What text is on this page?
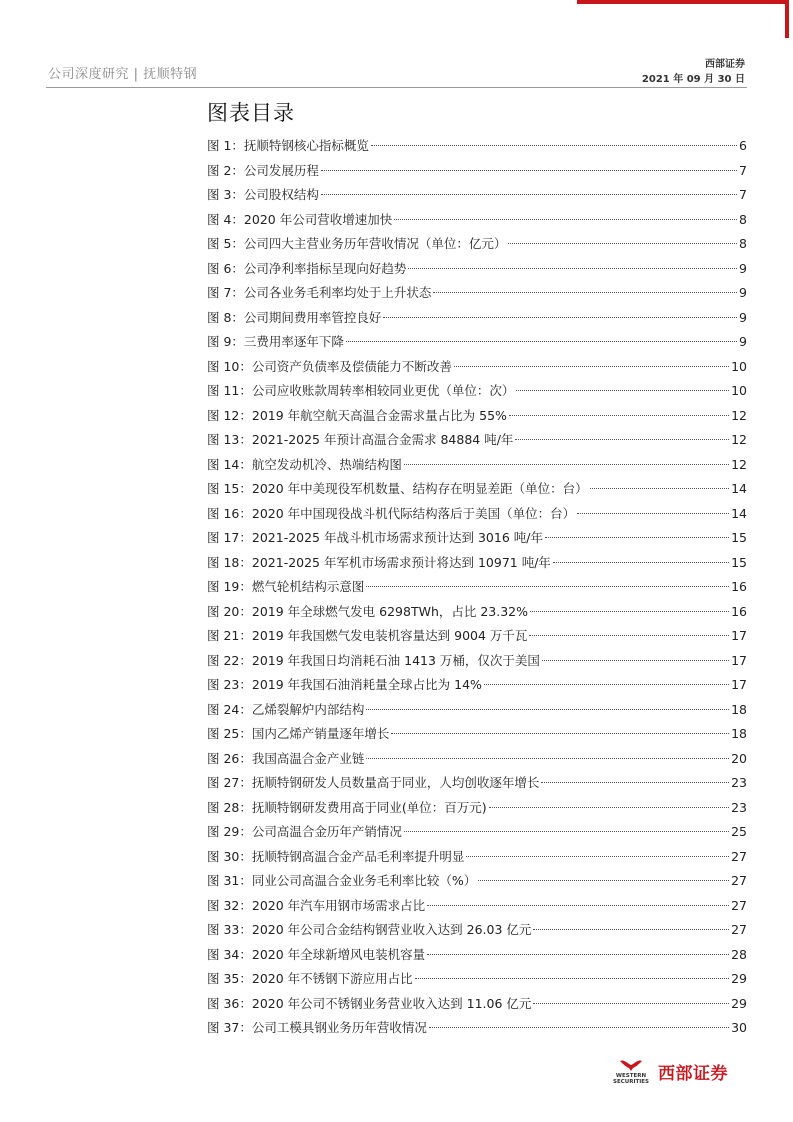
公司深度研究 | 抚顺特钢
西部证券
2021 年 09 月 30 日
图表目录
图 1：抚顺特钢核心指标概览	6
图 2：公司发展历程	7
图 3：公司股权结构	7
图 4：2020 年公司营收增速加快	8
图 5：公司四大主营业务历年营收情况（单位：亿元）	8
图 6：公司净利率指标呈现向好趋势	9
图 7：公司各业务毛利率均处于上升状态	9
图 8：公司期间费用率管控良好	9
图 9：三费用率逐年下降	9
图 10：公司资产负债率及偿债能力不断改善	10
图 11：公司应收账款周转率相较同业更优（单位：次）	10
图 12：2019 年航空航天高温合金需求量占比为 55%	12
图 13：2021-2025 年预计高温合金需求 84884 吨/年	12
图 14：航空发动机冷、热端结构图	12
图 15：2020 年中美现役军机数量、结构存在明显差距（单位：台）	14
图 16：2020 年中国现役战斗机代际结构落后于美国（单位：台）	14
图 17：2021-2025 年战斗机市场需求预计达到 3016 吨/年	15
图 18：2021-2025 年军机市场需求预计将达到 10971 吨/年	15
图 19：燃气轮机结构示意图	16
图 20：2019 年全球燃气发电 6298TWh，占比 23.32%	16
图 21：2019 年我国燃气发电装机容量达到 9004 万千瓦	17
图 22：2019 年我国日均消耗石油 1413 万桶，仅次于美国	17
图 23：2019 年我国石油消耗量全球占比为 14%	17
图 24：乙烯裂解炉内部结构	18
图 25：国内乙烯产销量逐年增长	18
图 26：我国高温合金产业链	20
图 27：抚顺特钢研发人员数量高于同业，人均创收逐年增长	23
图 28：抚顺特钢研发费用高于同业(单位：百万元)	23
图 29：公司高温合金历年产销情况	25
图 30：抚顺特钢高温合金产品毛利率提升明显	27
图 31：同业公司高温合金业务毛利率比较（%）	27
图 32：2020 年汽车用钢市场需求占比	27
图 33：2020 年公司合金结构钢营业收入达到 26.03 亿元	27
图 34：2020 年全球新增风电装机容量	28
图 35：2020 年不锈钢下游应用占比	29
图 36：2020 年公司不锈钢业务营业收入达到 11.06 亿元	29
图 37：公司工模具钢业务历年营收情况	30
WESTERN SECURITIES 西部证券
